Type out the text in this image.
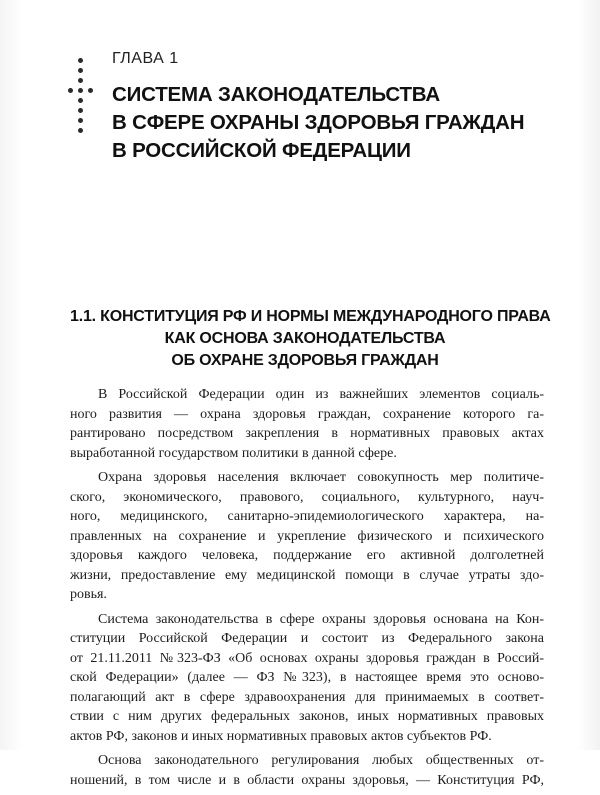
ГЛАВА 1
СИСТЕМА ЗАКОНОДАТЕЛЬСТВА
В СФЕРЕ ОХРАНЫ ЗДОРОВЬЯ ГРАЖДАН
В РОССИЙСКОЙ ФЕДЕРАЦИИ
1.1. КОНСТИТУЦИЯ РФ И НОРМЫ МЕЖДУНАРОДНОГО ПРАВА
КАК ОСНОВА ЗАКОНОДАТЕЛЬСТВА
ОБ ОХРАНЕ ЗДОРОВЬЯ ГРАЖДАН
В Российской Федерации один из важнейших элементов социаль-
ного развития — охрана здоровья граждан, сохранение которого га-
рантировано посредством закрепления в нормативных правовых актах
выработанной государством политики в данной сфере.
Охрана здоровья населения включает совокупность мер политиче-
ского, экономического, правового, социального, культурного, науч-
ного, медицинского, санитарно-эпидемиологического характера, на-
правленных на сохранение и укрепление физического и психического
здоровья каждого человека, поддержание его активной долголетней
жизни, предоставление ему медицинской помощи в случае утраты здо-
ровья.
Система законодательства в сфере охраны здоровья основана на Кон-
ституции Российской Федерации и состоит из Федерального закона
от 21.11.2011 №323-ФЗ «Об основах охраны здоровья граждан в Россий-
ской Федерации» (далее — ФЗ №323), в настоящее время это осново-
полагающий акт в сфере здравоохранения для принимаемых в соответ-
ствии с ним других федеральных законов, иных нормативных правовых
актов РФ, законов и иных нормативных правовых актов субъектов РФ.
Основа законодательного регулирования любых общественных от-
ношений, в том числе и в области охраны здоровья, — Конституция РФ,
